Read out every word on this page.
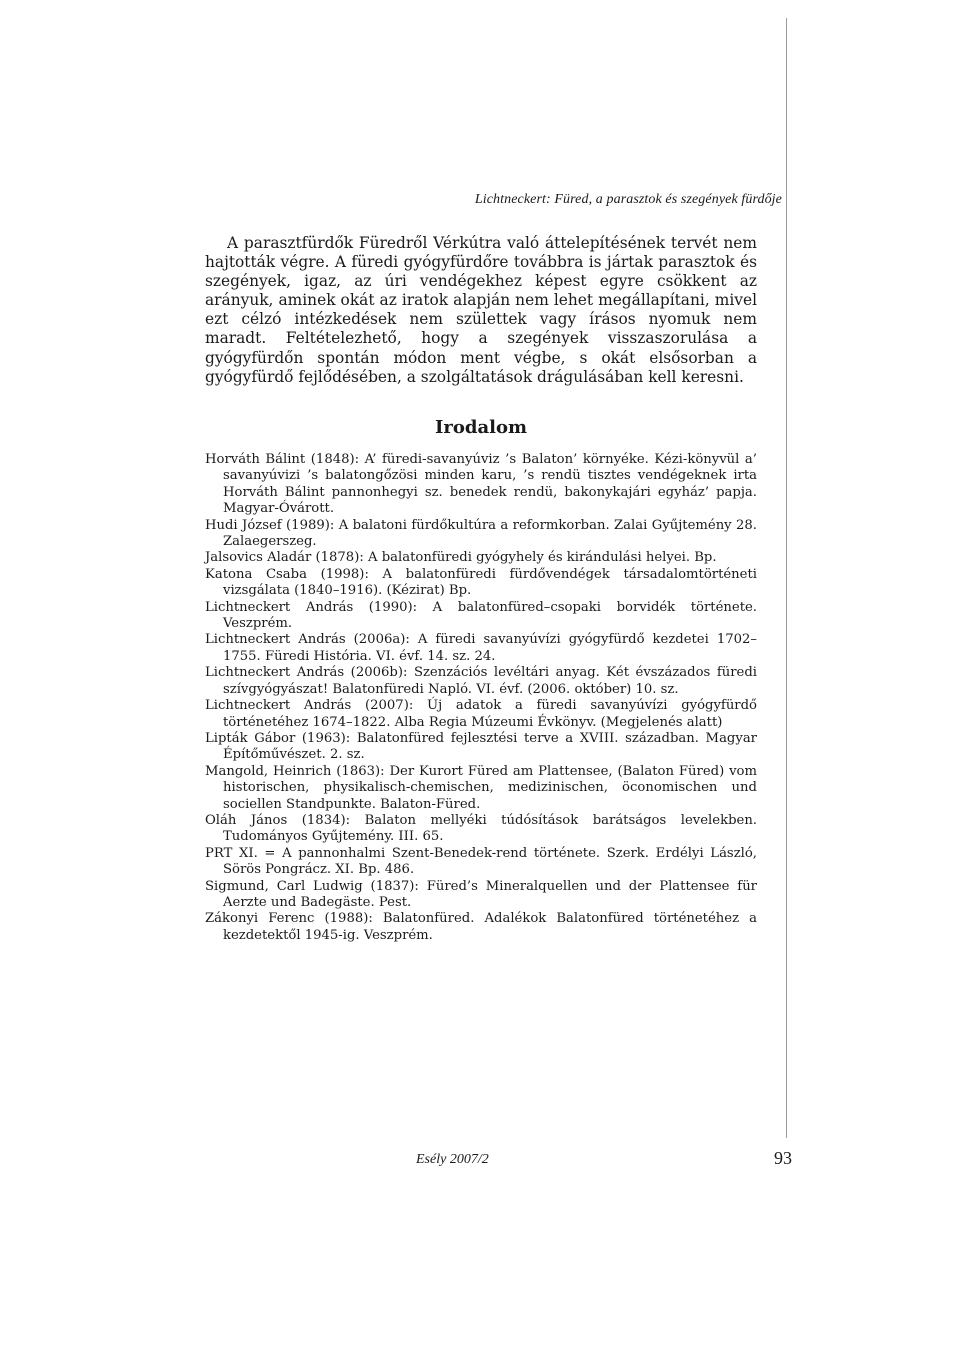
Lichtneckert: Füred, a parasztok és szegények fürdője

A parasztfürdők Füredről Vérkútra való áttelepítésének tervét nem hajtották végre. A füredi gyógyfürdőre továbbra is jártak parasztok és szegények, igaz, az úri vendégekhez képest egyre csökkent az arányuk, aminek okát az iratok alapján nem lehet megállapítani, mivel ezt célzó intézkedések nem születtek vagy írásos nyomuk nem maradt. Feltételezhető, hogy a szegények visszaszorulása a gyógyfürdőn spontán módon ment végbe, s okát elsősorban a gyógyfürdő fejlődésében, a szolgáltatások drágulásában kell keresni.

Irodalom
Horváth Bálint (1848): A’ füredi-savanyúviz ’s Balaton’ környéke. Kézi-könyvül a’ savanyúvizi ’s balatongőzösi minden karu, ’s rendü tisztes vendégeknek irta Horváth Bálint pannonhegyi sz. benedek rendü, bakonykajári egyház’ papja. Magyar-Óvárott.
Hudi József (1989): A balatoni fürdőkultúra a reformkorban. Zalai Gyűjtemény 28. Zalaegerszeg.
Jalsovics Aladár (1878): A balatonfüredi gyógyhely és kirándulási helyei. Bp.
Katona Csaba (1998): A balatonfüredi fürdővendégek társadalomtörténeti vizsgálata (1840–1916). (Kézirat) Bp.
Lichtneckert András (1990): A balatonfüred–csopaki borvidék története. Veszprém.
Lichtneckert András (2006a): A füredi savanyúvízi gyógyfürdő kezdetei 1702–1755. Füredi História. VI. évf. 14. sz. 24.
Lichtneckert András (2006b): Szenzációs levéltári anyag. Két évszázados füredi szívgyógyászat! Balatonfüredi Napló. VI. évf. (2006. október) 10. sz.
Lichtneckert András (2007): Új adatok a füredi savanyúvízi gyógyfürdő történetéhez 1674–1822. Alba Regia Múzeumi Évkönyv. (Megjelenés alatt)
Lipták Gábor (1963): Balatonfüred fejlesztési terve a XVIII. században. Magyar Építőművészet. 2. sz.
Mangold, Heinrich (1863): Der Kurort Füred am Plattensee, (Balaton Füred) vom historischen, physikalisch-chemischen, medizinischen, öconomischen und sociellen Standpunkte. Balaton-Füred.
Oláh János (1834): Balaton mellyéki túdósítások barátságos levelekben. Tudományos Gyűjtemény. III. 65.
PRT XI. = A pannonhalmi Szent-Benedek-rend története. Szerk. Erdélyi László, Sörös Pongrácz. XI. Bp. 486.
Sigmund, Carl Ludwig (1837): Füred’s Mineralquellen und der Plattensee für Aerzte und Badegäste. Pest.
Zákonyi Ferenc (1988): Balatonfüred. Adalékok Balatonfüred történetéhez a kezdetektől 1945-ig. Veszprém.
Esély 2007/2	93
